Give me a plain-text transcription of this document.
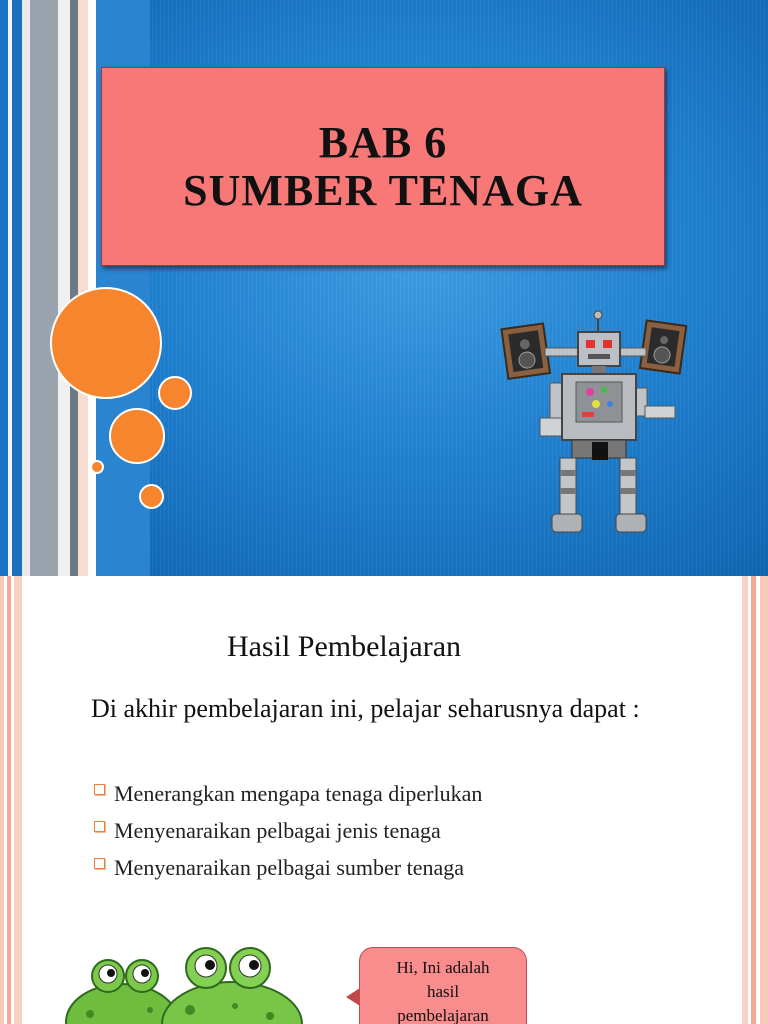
BAB 6
SUMBER TENAGA
Hasil Pembelajaran
Di akhir pembelajaran ini, pelajar seharusnya dapat :
Menerangkan mengapa tenaga diperlukan
Menyenaraikan pelbagai jenis tenaga
Menyenaraikan pelbagai sumber tenaga
Hi, Ini adalah
hasil
pembelajaran
